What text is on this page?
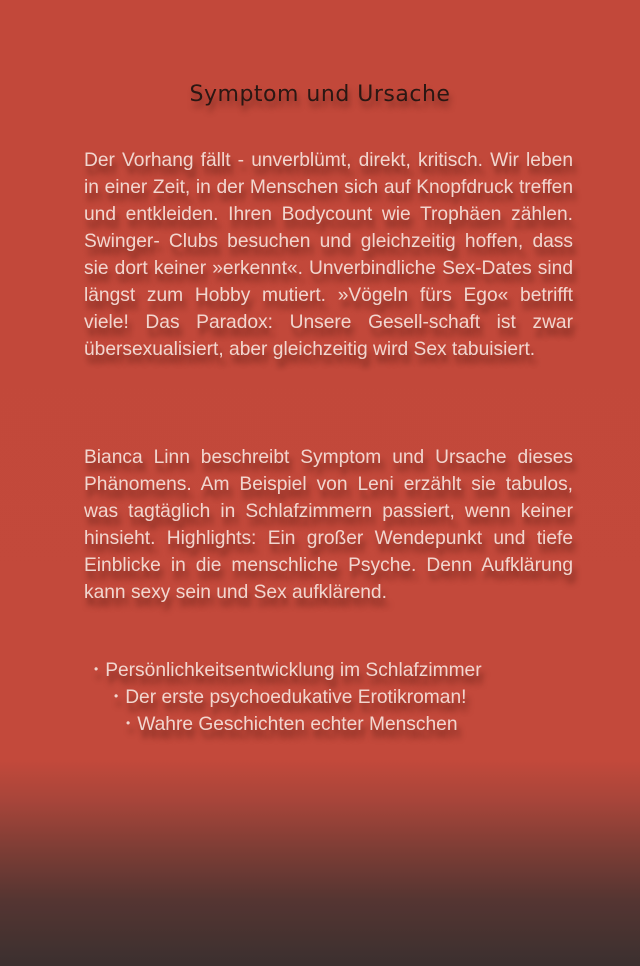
Symptom und Ursache
Der Vorhang fällt - unverblümt, direkt, kritisch. Wir leben in einer Zeit, in der Menschen sich auf Knopfdruck treffen und entkleiden. Ihren Bodycount wie Trophäen zählen. Swinger- Clubs besuchen und gleichzeitig hoffen, dass sie dort keiner »erkennt«. Unverbindliche Sex-Dates sind längst zum Hobby mutiert. »Vögeln fürs Ego« betrifft viele! Das Paradox: Unsere Gesell-schaft ist zwar übersexualisiert, aber gleichzeitig wird Sex tabuisiert.
Bianca Linn beschreibt Symptom und Ursache dieses Phänomens. Am Beispiel von Leni erzählt sie tabulos, was tagtäglich in Schlafzimmern passiert, wenn keiner hinsieht. Highlights: Ein großer Wendepunkt und tiefe Einblicke in die menschliche Psyche. Denn Aufklärung kann sexy sein und Sex aufklärend.
• Persönlichkeitsentwicklung im Schlafzimmer
• Der erste psychoedukative Erotikroman!
• Wahre Geschichten echter Menschen
